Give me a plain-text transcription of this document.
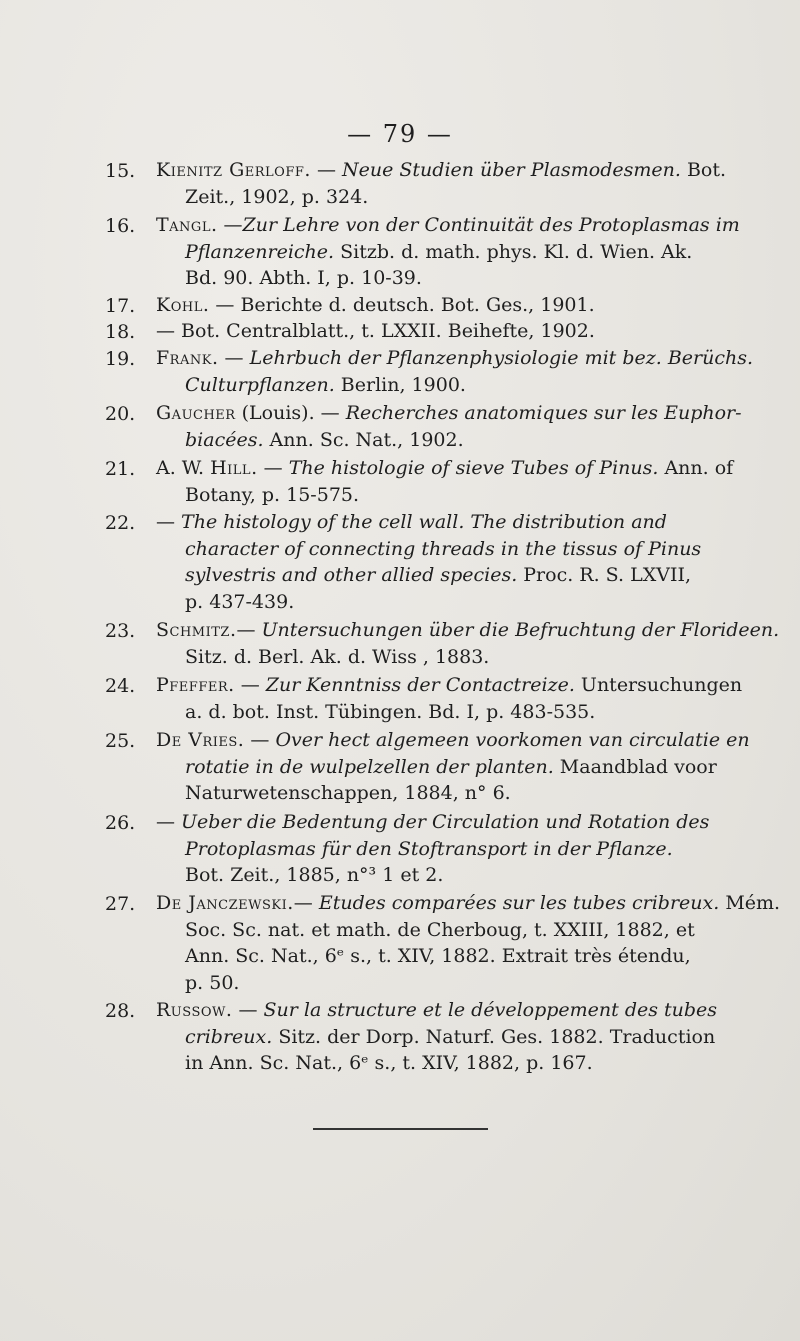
— 79 —
15. Kienitz Gerloff. — Neue Studien über Plasmodesmen. Bot.
Zeit., 1902, p. 324.
16. Tangl. —Zur Lehre von der Continuität des Protoplasmas im
Pflanzenreiche. Sitzb. d. math. phys. Kl. d. Wien. Ak.
Bd. 90. Abth. I, p. 10-39.
17. Kohl. — Berichte d. deutsch. Bot. Ges., 1901.
18. — Bot. Centralblatt., t. LXXII. Beihefte, 1902.
19. Frank. — Lehrbuch der Pflanzenphysiologie mit bez. Berüchs.
Culturpflanzen. Berlin, 1900.
20. Gaucher (Louis). — Recherches anatomiques sur les Euphor-
biacées. Ann. Sc. Nat., 1902.
21. A. W. Hill. — The histologie of sieve Tubes of Pinus. Ann. of
Botany, p. 15-575.
22. — The histology of the cell wall. The distribution and
character of connecting threads in the tissus of Pinus
sylvestris and other allied species. Proc. R. S. LXVII,
p. 437-439.
23. Schmitz.— Untersuchungen über die Befruchtung der Florideen.
Sitz. d. Berl. Ak. d. Wiss , 1883.
24. Pfeffer. — Zur Kenntniss der Contactreize. Untersuchungen
a. d. bot. Inst. Tübingen. Bd. I, p. 483-535.
25. De Vries. — Over hect algemeen voorkomen van circulatie en
rotatie in de wulpelzellen der planten. Maandblad voor
Naturwetenschappen, 1884, n° 6.
26. — Ueber die Bedentung der Circulation und Rotation des
Protoplasmas für den Stoftransport in der Pflanze.
Bot. Zeit., 1885, n°³ 1 et 2.
27. De Janczewski.— Etudes comparées sur les tubes cribreux. Mém.
Soc. Sc. nat. et math. de Cherboug, t. XXIII, 1882, et
Ann. Sc. Nat., 6ᵉ s., t. XIV, 1882. Extrait très étendu,
p. 50.
28. Russow. — Sur la structure et le développement des tubes
cribreux. Sitz. der Dorp. Naturf. Ges. 1882. Traduction
in Ann. Sc. Nat., 6ᵉ s., t. XIV, 1882, p. 167.
